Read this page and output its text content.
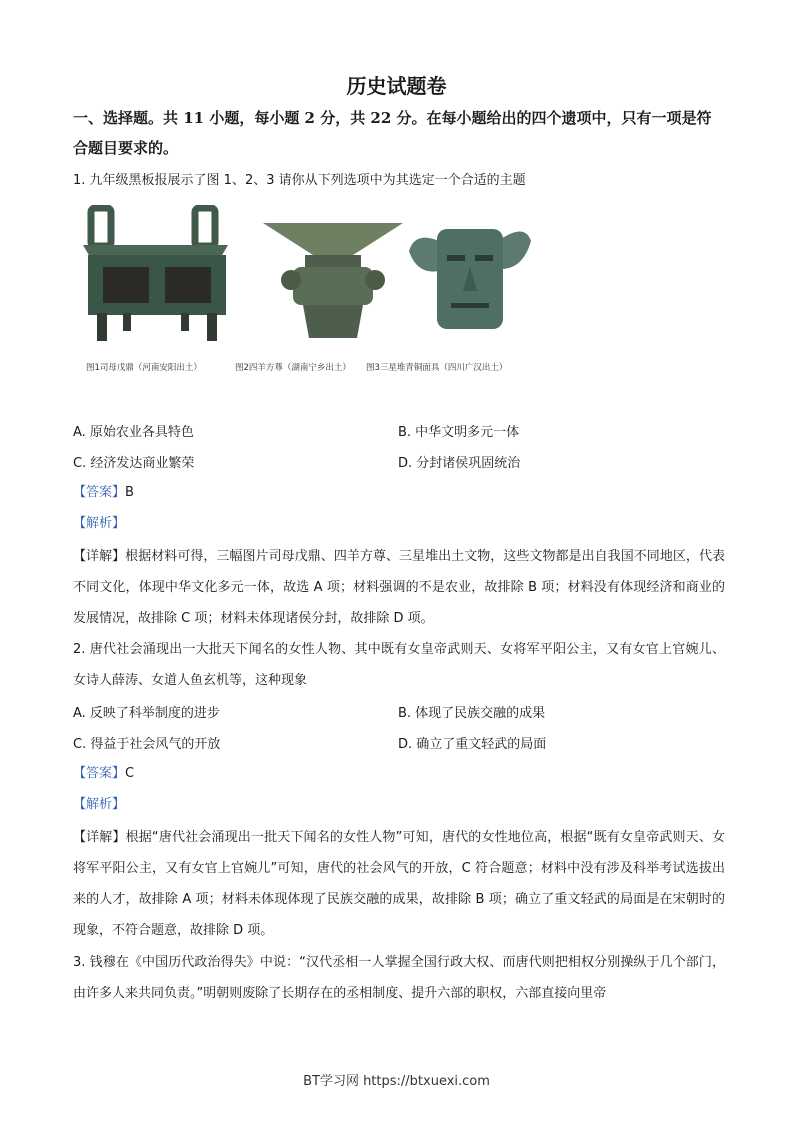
历史试题卷
一、选择题。共 11 小题，每小题 2 分，共 22 分。在每小题给出的四个遗项中，只有一项是符合题目要求的。
1. 九年级黑板报展示了图 1、2、3 请你从下列选项中为其选定一个合适的主题
图1司母戊鼎（河南安阳出土）	图2四羊方尊（湖南宁乡出土） 图3三星堆青铜面具（四川广汉出土）
A. 原始农业各具特色	B. 中华文明多元一体
C. 经济发达商业繁荣	D. 分封诸侯巩固统治
【答案】B
【解析】
【详解】根据材料可得，三幅图片司母戊鼎、四羊方尊、三星堆出土文物，这些文物都是出自我国不同地区，代表不同文化，体现中华文化多元一体，故选 A 项；材料强调的不是农业，故排除 B 项；材料没有体现经济和商业的发展情况，故排除 C 项；材料未体现诸侯分封，故排除 D 项。
2. 唐代社会涌现出一大批天下闻名的女性人物、其中既有女皇帝武则天、女将军平阳公主，又有女官上官婉儿、女诗人薛涛、女道人鱼玄机等，这种现象
A. 反映了科举制度的进步	B. 体现了民族交融的成果
C. 得益于社会风气的开放	D. 确立了重文轻武的局面
【答案】C
【解析】
【详解】根据“唐代社会涌现出一批天下闻名的女性人物”可知，唐代的女性地位高，根据“既有女皇帝武则天、女将军平阳公主，又有女官上官婉儿”可知，唐代的社会风气的开放，C 符合题意；材料中没有涉及科举考试选拔出来的人才，故排除 A 项；材料未体现体现了民族交融的成果，故排除 B 项；确立了重文轻武的局面是在宋朝时的现象，不符合题意，故排除 D 项。
3. 钱穆在《中国历代政治得失》中说：“汉代丞相一人掌握全国行政大权、而唐代则把相权分别操纵于几个部门，由许多人来共同负责。”明朝则废除了长期存在的丞相制度、提升六部的职权，六部直接向里帝
BT学习网 https://btxuexi.com
